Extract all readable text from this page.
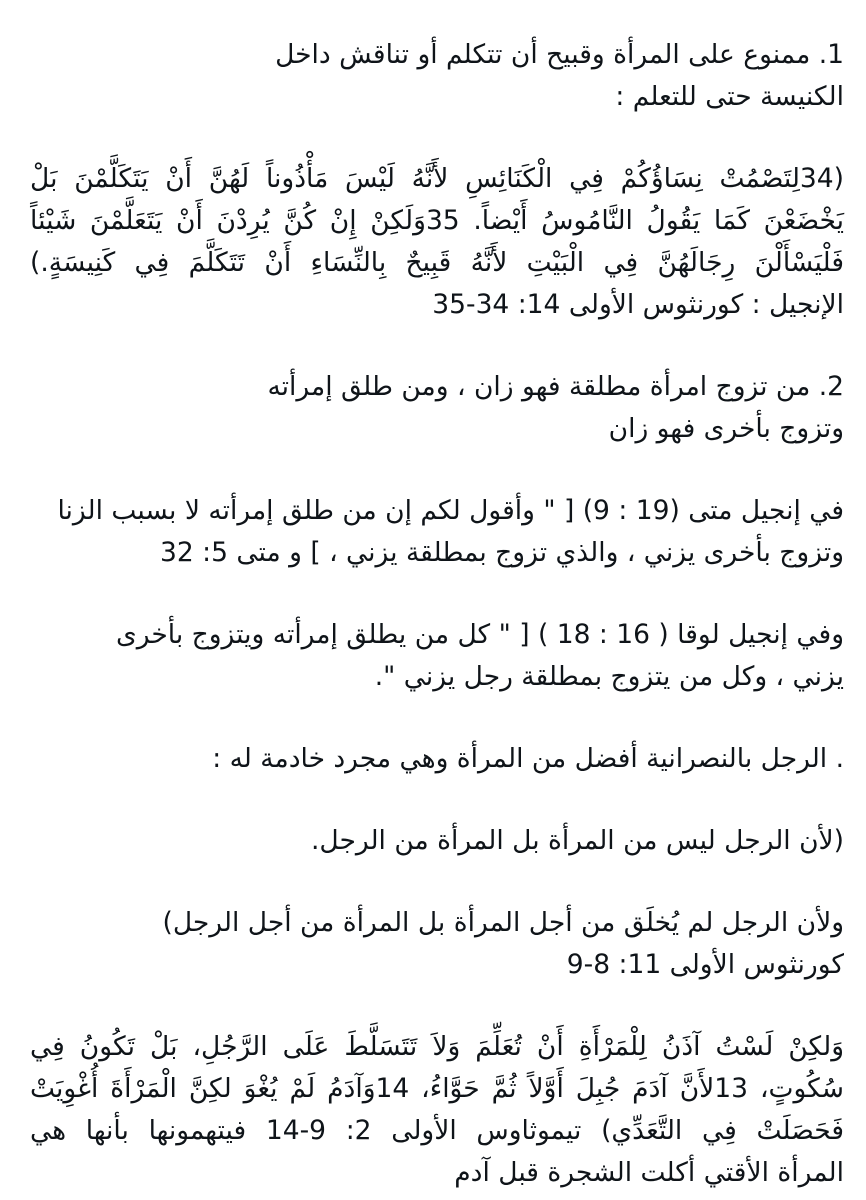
1. ممنوع على المرأة وقبيح أن تتكلم أو تناقش داخل
الكنيسة حتى للتعلم :
(34لِتَصْمُتْ نِسَاؤُكُمْ فِي الْكَنَائِسِ لأَنَّهُ لَيْسَ مَأْذُوناً لَهُنَّ أَنْ يَتَكَلَّمْنَ بَلْ
يَخْضَعْنَ كَمَا يَقُولُ النَّامُوسُ أَيْضاً. 35وَلَكِنْ إِنْ كُنَّ يُرِدْنَ أَنْ يَتَعَلَّمْنَ شَيْئاً
فَلْيَسْأَلْنَ رِجَالَهُنَّ فِي الْبَيْتِ لأَنَّهُ قَبِيحٌ بِالنِّسَاءِ أَنْ تَتَكَلَّمَ فِي كَنِيسَةٍ.)
الإنجيل : كورنثوس الأولى 14: 34-35
2. من تزوج امرأة مطلقة فهو زان ، ومن طلق إمرأته
وتزوج بأخرى فهو زان
في إنجيل متى (19 : 9) [ " وأقول لكم إن من طلق إمرأته لا بسبب الزنا
وتزوج بأخرى يزني ، والذي تزوج بمطلقة يزني ، ] و متى 5: 32
وفي إنجيل لوقا ( 16 : 18 ) [ " كل من يطلق إمرأته ويتزوج بأخرى
يزني ، وكل من يتزوج بمطلقة رجل يزني ".
. الرجل بالنصرانية أفضل من المرأة وهي مجرد خادمة له :
(لأن الرجل ليس من المرأة بل المرأة من الرجل.
ولأن الرجل لم يُخلَق من أجل المرأة بل المرأة من أجل الرجل)
كورنثوس الأولى 11: 8-9
وَلكِنْ لَسْتُ آذَنُ لِلْمَرْأَةِ أَنْ تُعَلِّمَ وَلاَ تَتَسَلَّطَ عَلَى الرَّجُلِ، بَلْ تَكُونُ فِي
سُكُوتٍ، 13لأَنَّ آدَمَ جُبِلَ أَوَّلاً ثُمَّ حَوَّاءُ، 14وَآدَمُ لَمْ يُغْوَ لكِنَّ الْمَرْأَةَ أُغْوِيَتْ
فَحَصَلَتْ فِي التَّعَدِّي) تيموثاوس الأولى 2: 9-14 فيتهمونها بأنها هي
المرأة الأقتي أكلت الشجرة قبل آدم
